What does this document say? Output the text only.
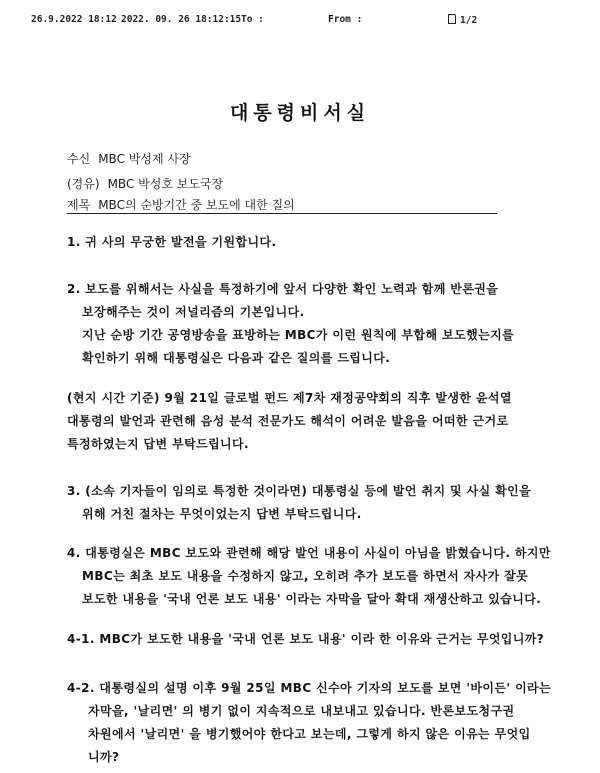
26.9.2022 18:12 2022. 09. 26 18:12:15 To :	From :	1/2
대통령비서실
수신 MBC 박성제 사장
(경유) MBC 박성호 보도국장
제목 MBC의 순방기간 중 보도에 대한 질의
1. 귀 사의 무궁한 발전을 기원합니다.
2. 보도를 위해서는 사실을 특정하기에 앞서 다양한 확인 노력과 함께 반론권을
보장해주는 것이 저널리즘의 기본입니다.
지난 순방 기간 공영방송을 표방하는 MBC가 이런 원칙에 부합해 보도했는지를
확인하기 위해 대통령실은 다음과 같은 질의를 드립니다.
(현지 시간 기준) 9월 21일 글로벌 펀드 제7차 재정공약회의 직후 발생한 윤석열
대통령의 발언과 관련해 음성 분석 전문가도 해석이 어려운 발음을 어떠한 근거로
특정하였는지 답변 부탁드립니다.
3. (소속 기자들이 임의로 특정한 것이라면) 대통령실 등에 발언 취지 및 사실 확인을
위해 거친 절차는 무엇이었는지 답변 부탁드립니다.
4. 대통령실은 MBC 보도와 관련해 해당 발언 내용이 사실이 아님을 밝혔습니다. 하지만
MBC는 최초 보도 내용을 수정하지 않고, 오히려 추가 보도를 하면서 자사가 잘못
보도한 내용을 '국내 언론 보도 내용' 이라는 자막을 달아 확대 재생산하고 있습니다.
4-1. MBC가 보도한 내용을 '국내 언론 보도 내용' 이라 한 이유와 근거는 무엇입니까?
4-2. 대통령실의 설명 이후 9월 25일 MBC 신수아 기자의 보도를 보면 '바이든' 이라는
자막을, '날리면' 의 병기 없이 지속적으로 내보내고 있습니다. 반론보도청구권
차원에서 '날리면' 을 병기했어야 한다고 보는데, 그렇게 하지 않은 이유는 무엇입
니까?
